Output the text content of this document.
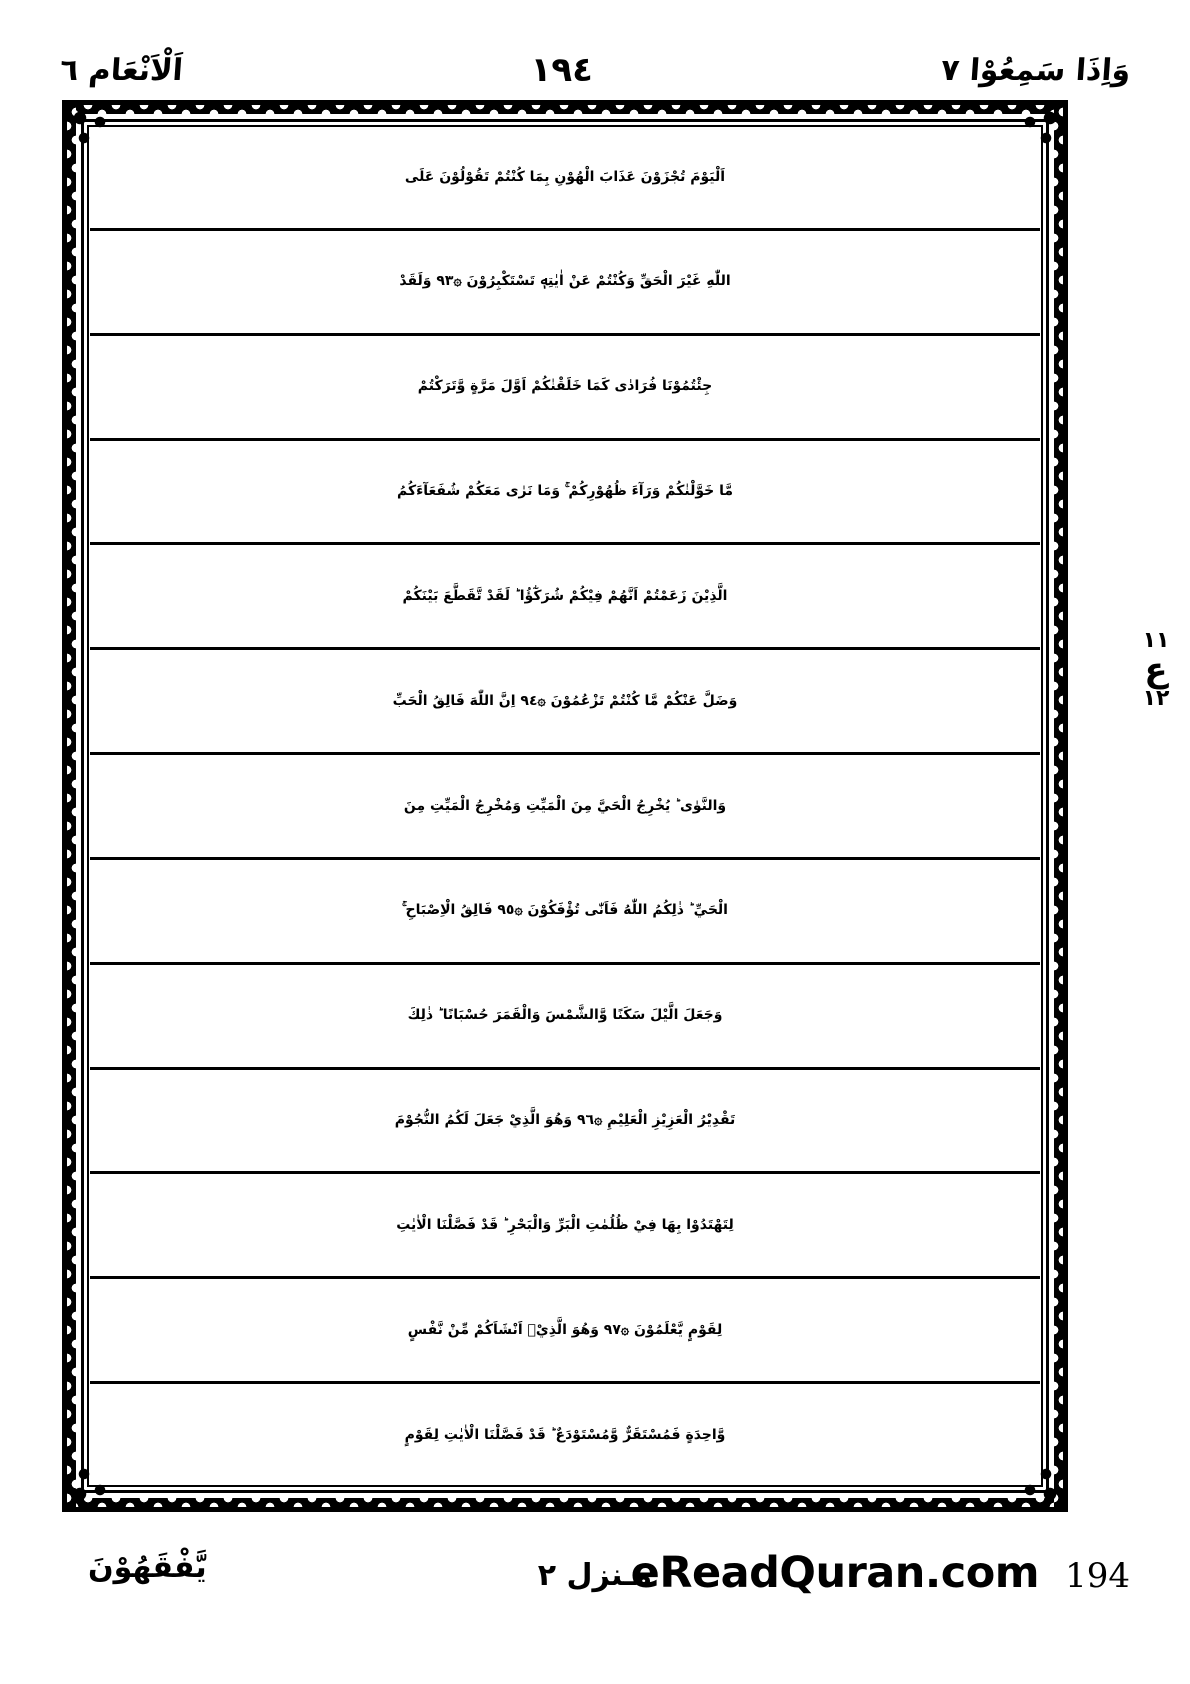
وَاِذَا سَمِعُوْا ٧
١٩٤
اَلْاَنْعَام ٦
اَلْيَوْمَ تُجْزَوْنَ عَذَابَ الْهُوْنِ بِمَا كُنْتُمْ تَقُوْلُوْنَ عَلَى
اللّٰهِ غَيْرَ الْحَقِّ وَكُنْتُمْ عَنْ اٰيٰتِهٖ تَسْتَكْبِرُوْنَ ۞٩٣ وَلَقَدْ
جِئْتُمُوْنَا فُرَادٰى كَمَا خَلَقْنٰكُمْ اَوَّلَ مَرَّةٍ وَّتَرَكْتُمْ
مَّا خَوَّلْنٰكُمْ وَرَآءَ ظُهُوْرِكُمْ ۚ وَمَا نَرٰى مَعَكُمْ شُفَعَآءَكُمُ
الَّذِيْنَ زَعَمْتُمْ اَنَّهُمْ فِيْكُمْ شُرَكٰٓؤُا ؕ لَقَدْ تَّقَطَّعَ بَيْنَكُمْ
وَضَلَّ عَنْكُمْ مَّا كُنْتُمْ تَزْعُمُوْنَ ۞٩٤ اِنَّ اللّٰهَ فَالِقُ الْحَبِّ
وَالنَّوٰى ؕ يُخْرِجُ الْحَيَّ مِنَ الْمَيِّتِ وَمُخْرِجُ الْمَيِّتِ مِنَ
الْحَيِّ ؕ ذٰلِكُمُ اللّٰهُ فَاَنّٰى تُؤْفَكُوْنَ ۞٩٥ فَالِقُ الْاِصْبَاحِ ۚ
وَجَعَلَ الَّيْلَ سَكَنًا وَّالشَّمْسَ وَالْقَمَرَ حُسْبَانًا ؕ ذٰلِكَ
تَقْدِيْرُ الْعَزِيْزِ الْعَلِيْمِ ۞٩٦ وَهُوَ الَّذِيْ جَعَلَ لَكُمُ النُّجُوْمَ
لِتَهْتَدُوْا بِهَا فِيْ ظُلُمٰتِ الْبَرِّ وَالْبَحْرِ ؕ قَدْ فَصَّلْنَا الْاٰيٰتِ
لِقَوْمٍ يَّعْلَمُوْنَ ۞٩٧ وَهُوَ الَّذِيْۤ اَنْشَاَكُمْ مِّنْ نَّفْسٍ
وَّاحِدَةٍ فَمُسْتَقَرٌّ وَّمُسْتَوْدَعٌ ؕ قَدْ فَصَّلْنَا الْاٰيٰتِ لِقَوْمٍ
١١
ع
١٢
يَّفْقَهُوْنَ	مـنزل ٢
eReadQuran.com 194
